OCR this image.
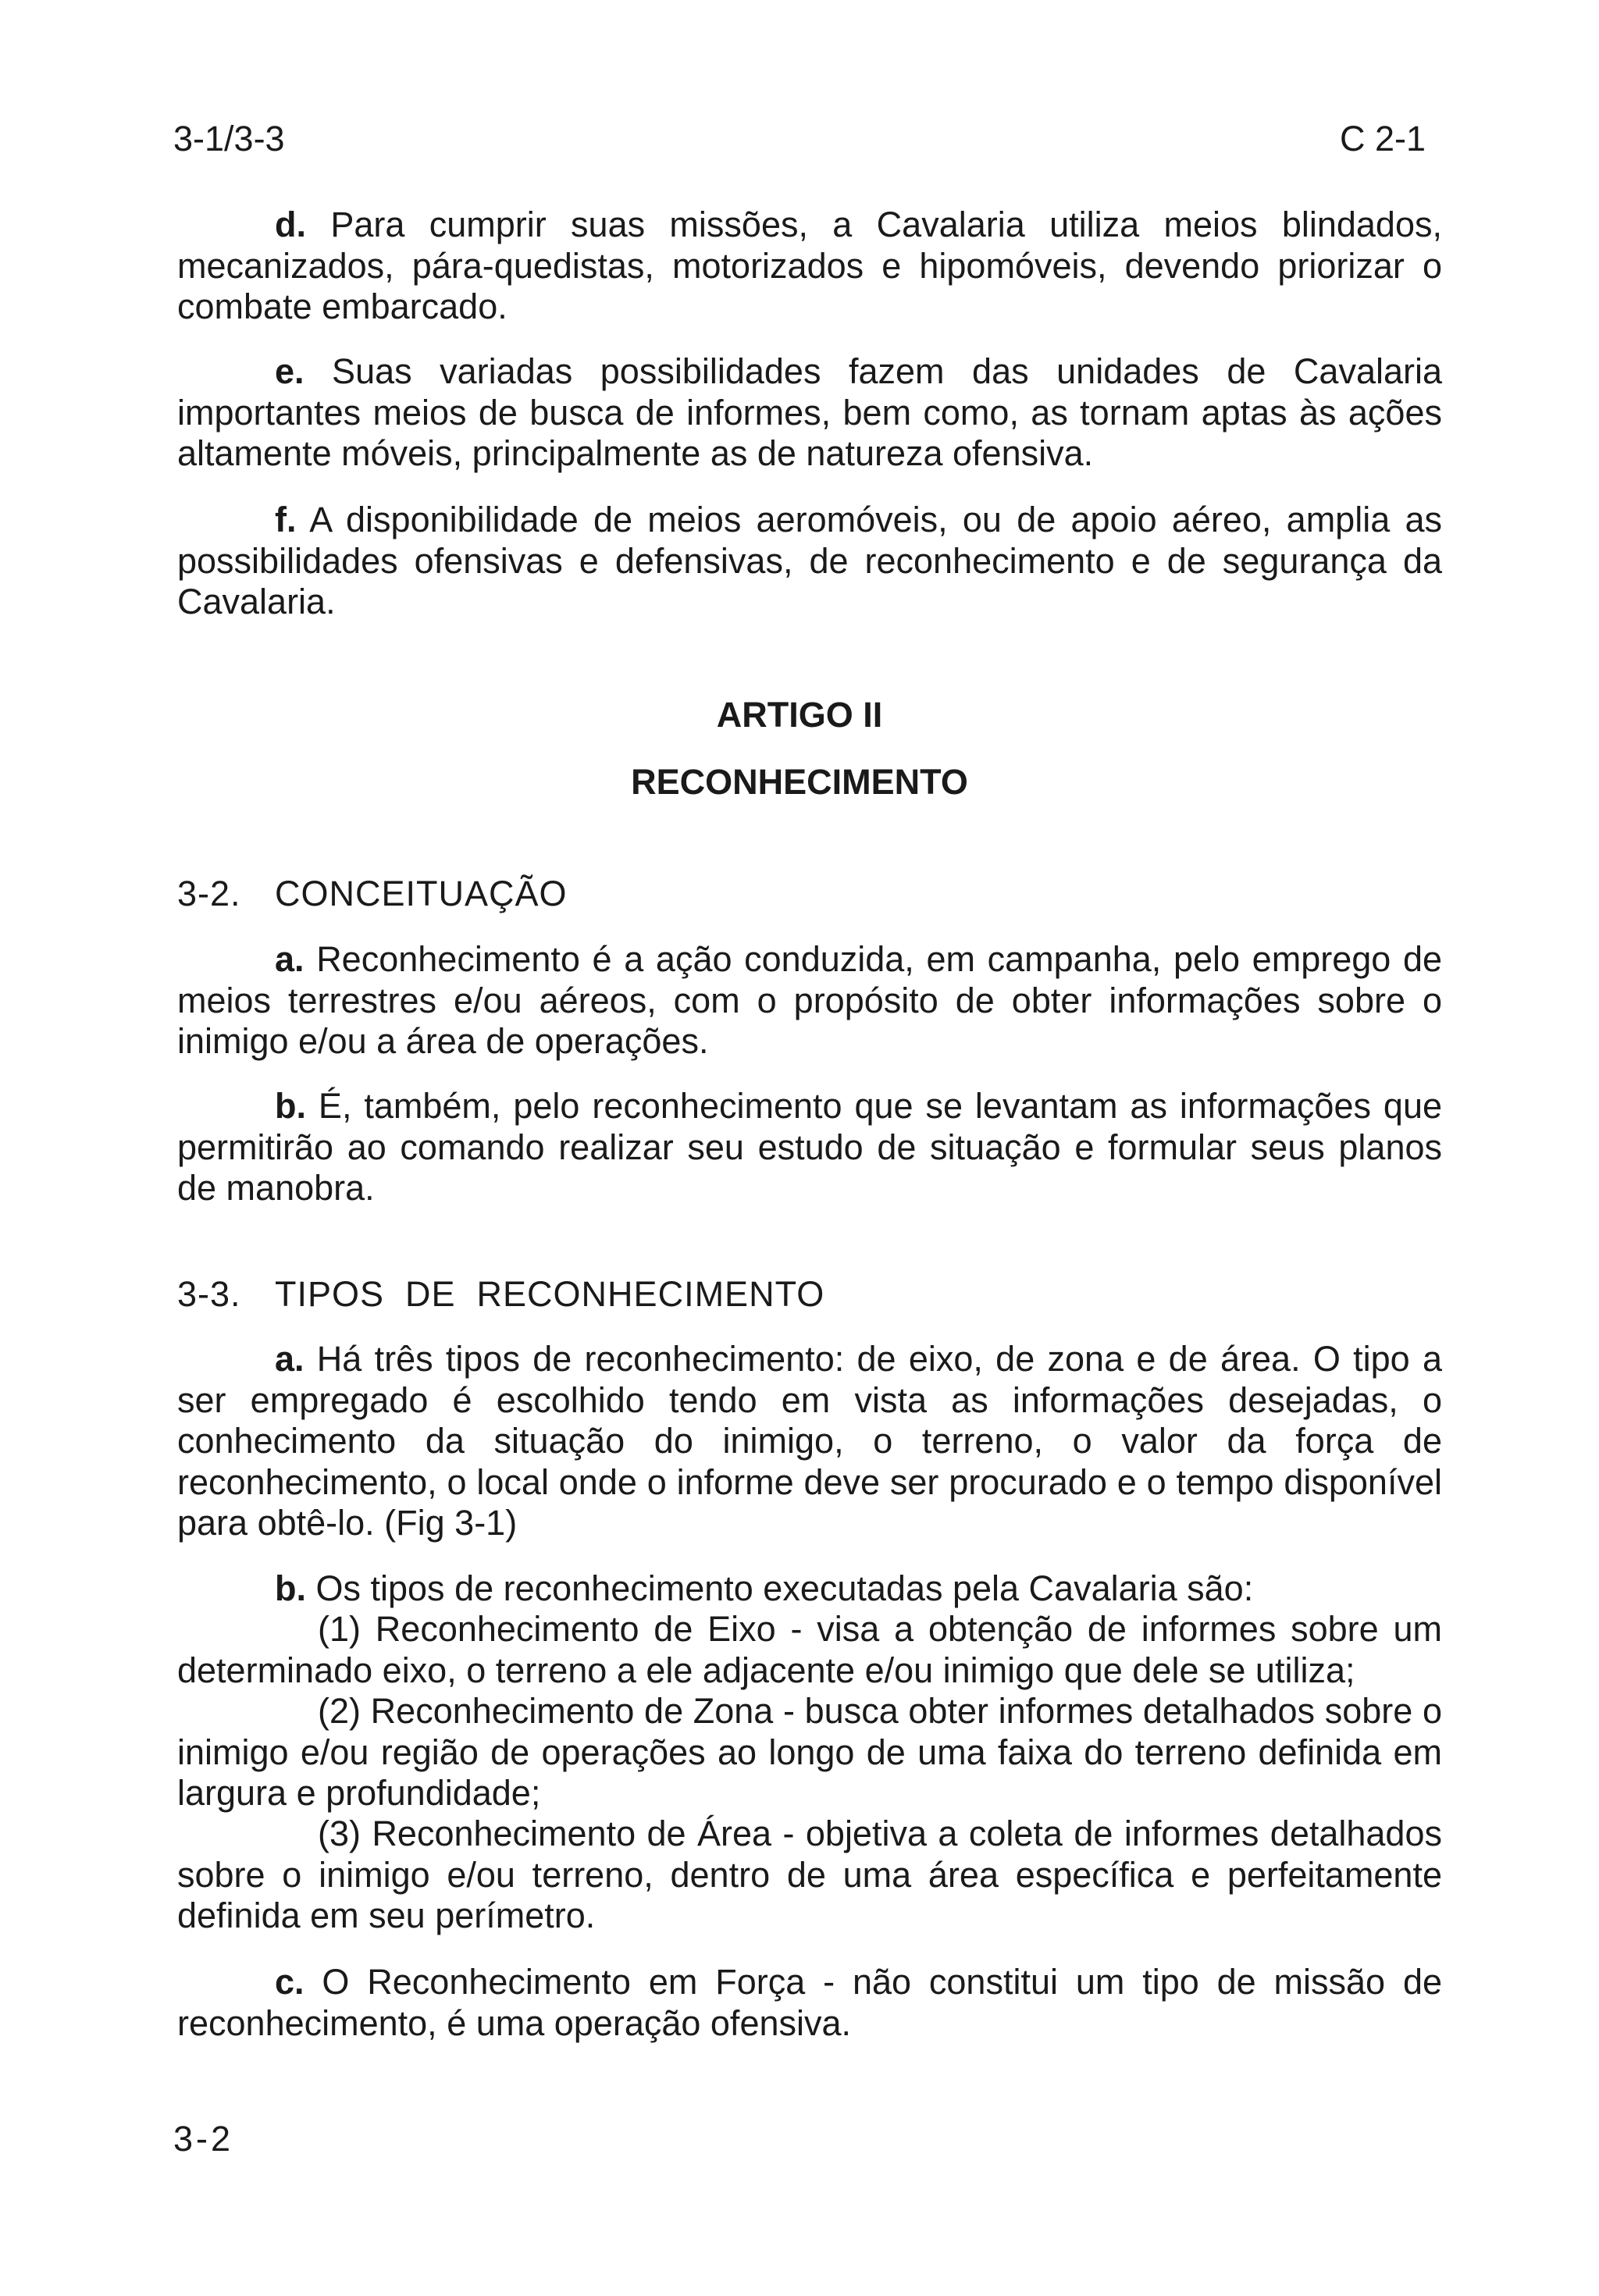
3-1/3-3	C 2-1

d. Para cumprir suas missões, a Cavalaria utiliza meios blindados, mecanizados, pára-quedistas, motorizados e hipomóveis, devendo priorizar o combate embarcado.

e. Suas variadas possibilidades fazem das unidades de Cavalaria importantes meios de busca de informes, bem como, as tornam aptas às ações altamente móveis, principalmente as de natureza ofensiva.

f. A disponibilidade de meios aeromóveis, ou de apoio aéreo, amplia as possibilidades ofensivas e defensivas, de reconhecimento e de segurança da Cavalaria.

ARTIGO II
RECONHECIMENTO
3-2. CONCEITUAÇÃO

a. Reconhecimento é a ação conduzida, em campanha, pelo emprego de meios terrestres e/ou aéreos, com o propósito de obter informações sobre o inimigo e/ou a área de operações.

b. É, também, pelo reconhecimento que se levantam as informações que permitirão ao comando realizar seu estudo de situação e formular seus planos de manobra.

3-3. TIPOS  DE  RECONHECIMENTO

a. Há três tipos de reconhecimento: de eixo, de zona e de área. O tipo a ser empregado é escolhido tendo em vista as informações desejadas, o conhecimento da situação do inimigo, o terreno, o valor da força de reconhecimento, o local onde o informe deve ser procurado e o tempo disponível para obtê-lo. (Fig 3-1)

b. Os tipos de reconhecimento executadas pela Cavalaria são:

(1) Reconhecimento de Eixo - visa a obtenção de informes sobre um determinado eixo, o terreno a ele adjacente e/ou inimigo que dele se utiliza;

(2) Reconhecimento de Zona - busca obter informes detalhados sobre o inimigo e/ou região de operações ao longo de uma faixa do terreno definida em largura e profundidade;

(3) Reconhecimento de Área - objetiva a coleta de informes detalhados sobre o inimigo e/ou terreno, dentro de uma área específica e perfeitamente definida em seu perímetro.

c. O Reconhecimento em Força - não constitui um tipo de missão de reconhecimento, é uma operação ofensiva.

3-2
